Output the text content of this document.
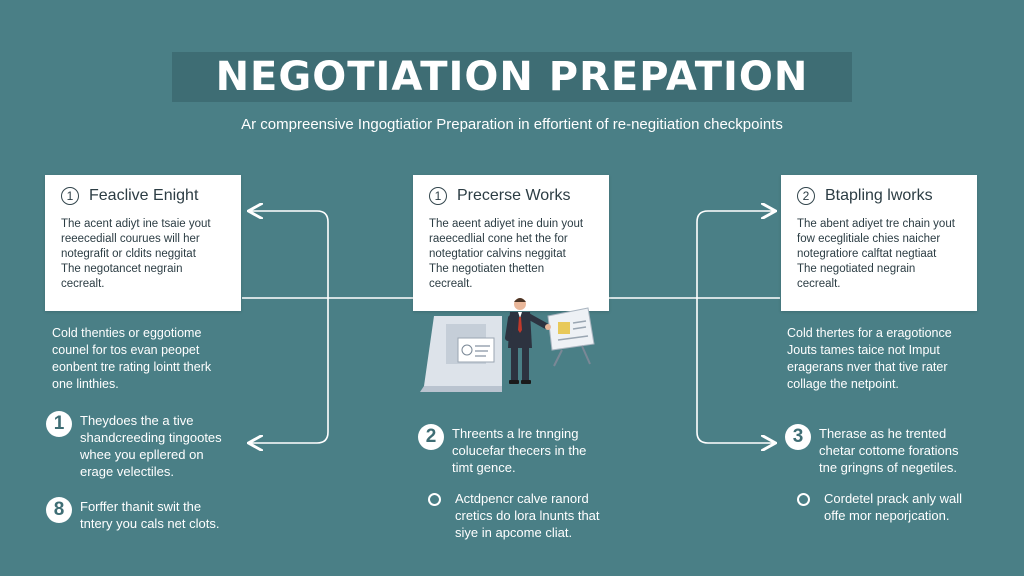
NEGOTIATION PREPATION
Ar compreensive Ingogtiatior Preparation in effortient of re-negitiation checkpoints
1 Feaclive Enight
The acent adiyt ine tsaie yout
reeecediall courues will her
notegrafit or cldits neggitat
The negotancet negrain
cecrealt.
1 Precerse Works
The aeent adiyet ine duin yout
raeecedlial cone het the for
notegtatior calvins neggitat
The negotiaten thetten
cecrealt.
2 Btapling lworks
The abent adiyet tre chain yout
fow eceglitiale chies naicher
notegratiore calftat negtiaat
The negotiated negrain
cecrealt.
Cold thenties or eggotiome
counel for tos evan peopet
eonbent tre rating lointt therk
one linthies.
Cold thertes for a eragotionce
Jouts tames taice not Imput
eragerans nver that tive rater
collage the netpoint.
1	Theydoes the a tive
shandcreeding tingootes
whee you epllered on
erage velectiles.
8	Forffer thanit swit the
tntery you cals net clots.
2	Threents a lre tnnging
colucefar thecers in the
timt gence.
Actdpencr calve ranord
cretics do lora lnunts that
siye in apcome cliat.
3	Therase as he trented
chetar cottome forations
tne gringns of negetiles.
Cordetel prack anly wall
offe mor neporjcation.
